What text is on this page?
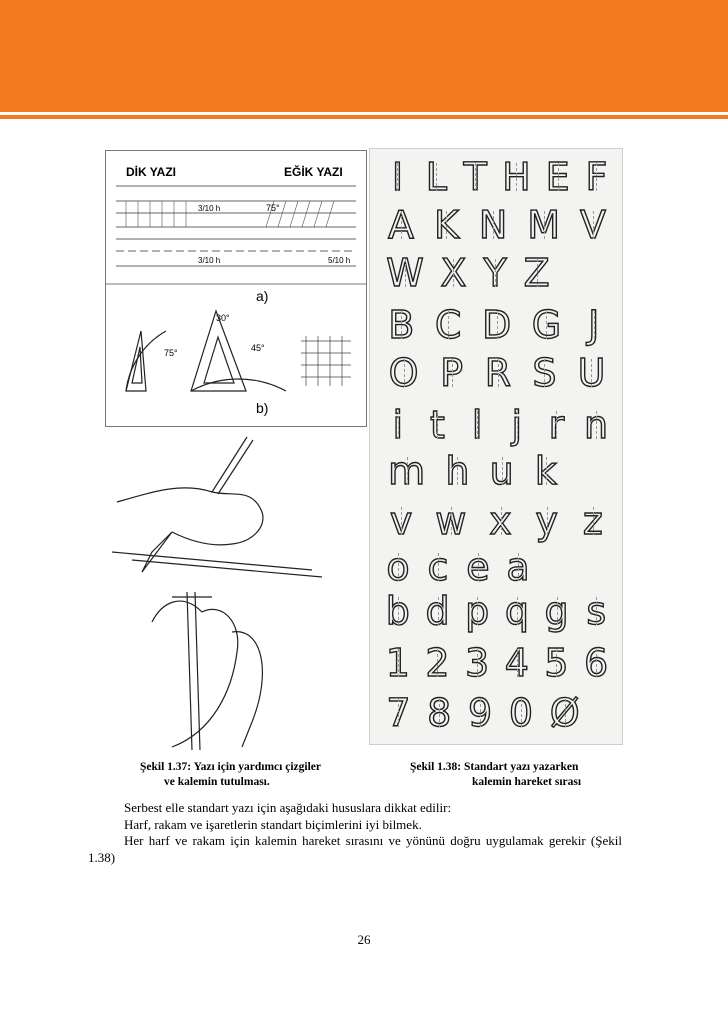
DİK YAZI	EĞİK YAZI
3/10 h
3/10 h	5/10 h
75°
a)
30°
45°
75°
b)
I L T H E F
A K N M V
W X Y Z
B C D G J
O P R S U
i t l j r n
m h u k
v w x y z
o c e a
b d p q g s
1 2 3 4 5 6
7 8 9 0 Ø
Şekil 1.37: Yazı için yardımcı çizgiler
ve kalemin tutulması.
Şekil 1.38: Standart yazı yazarken
kalemin hareket sırası

Serbest elle standart yazı için aşağıdaki hususlara dikkat edilir:

Harf, rakam ve işaretlerin standart biçimlerini iyi bilmek.

Her harf ve rakam için kalemin hareket sırasını ve yönünü doğru uygulamak gerekir (Şekil 1.38)

26
